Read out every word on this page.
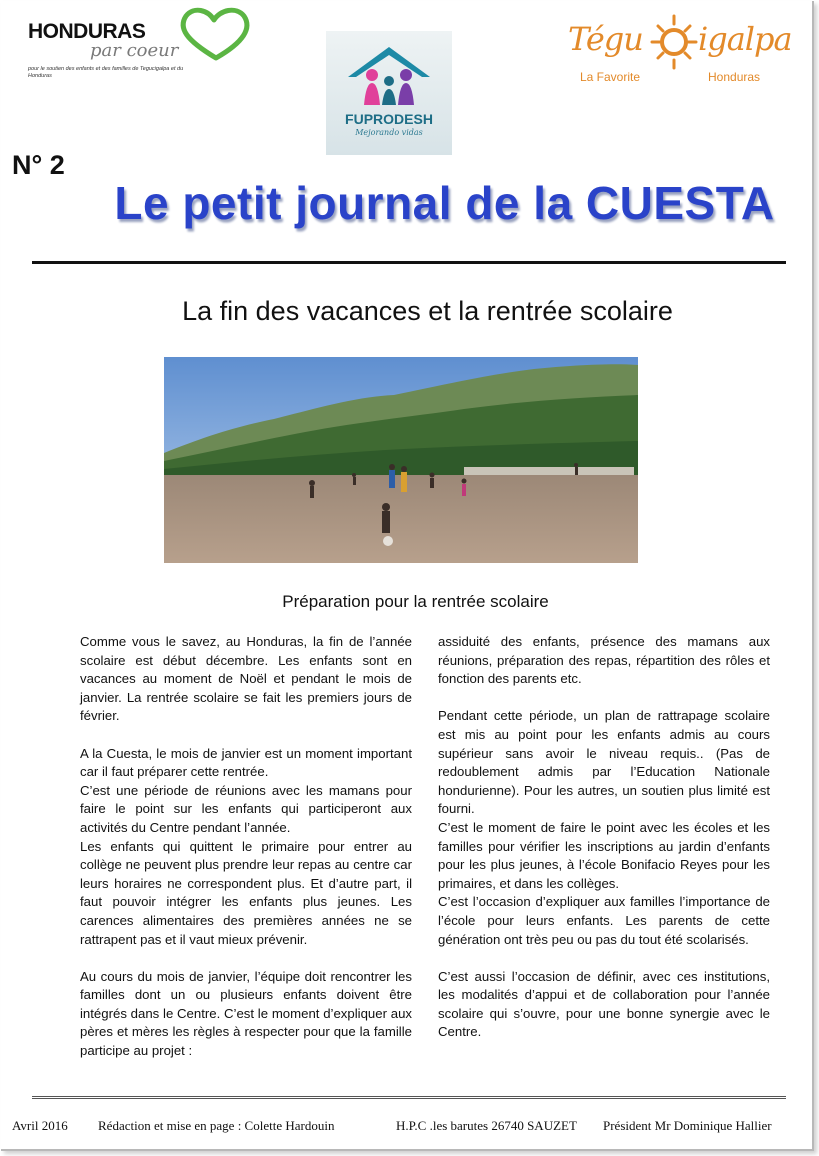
HONDURAS
par coeur
pour le soutien des enfants et des familles de Tegucigalpa et du Honduras
FUPRODESH
Mejorando vidas
Tégu igalpa
La Favorite	Honduras
N° 2
Le petit journal de la CUESTA
La fin des vacances et la rentrée scolaire
Préparation pour la rentrée scolaire

Comme vous le savez, au Honduras, la fin de l’année scolaire est début décembre. Les enfants sont en vacances au moment de Noël et pendant le mois de janvier. La rentrée scolaire se fait les premiers jours de février.

A la Cuesta, le mois de janvier est un moment important car il faut préparer cette rentrée.

C’est une période de réunions avec les mamans pour faire le point sur les enfants qui participeront aux activités du Centre pendant l’année.

Les enfants qui quittent le primaire pour entrer au collège ne peuvent plus prendre leur repas au centre car leurs horaires ne correspondent plus. Et d’autre part, il faut pouvoir intégrer les enfants plus jeunes. Les carences alimentaires des premières années ne se rattrapent pas et il vaut mieux prévenir.

Au cours du mois de janvier, l’équipe doit rencontrer les familles dont un ou plusieurs enfants doivent être intégrés dans le Centre. C’est le moment d’expliquer aux pères et mères les règles à respecter pour que la famille participe au projet :

assiduité des enfants, présence des mamans aux réunions, préparation des repas, répartition des rôles et fonction des parents etc.

Pendant cette période, un plan de rattrapage scolaire est mis au point pour les enfants admis au cours supérieur sans avoir le niveau requis.. (Pas de redoublement admis par l’Education Nationale hondurienne). Pour les autres, un soutien plus limité est fourni.

C’est le moment de faire le point avec les écoles et les familles pour vérifier les inscriptions au jardin d’enfants pour les plus jeunes, à l’école Bonifacio Reyes pour les primaires, et dans les collèges.

C’est l’occasion d’expliquer aux familles l’importance de l’école pour leurs enfants. Les parents de cette génération ont très peu ou pas du tout été scolarisés.

C’est aussi l’occasion de définir, avec ces institutions, les modalités d’appui et de collaboration pour l’année scolaire qui s’ouvre, pour une bonne synergie avec le Centre.

Avril 2016 Rédaction et mise en page : Colette Hardouin	H.P.C .les barutes 26740 SAUZET Président Mr Dominique Hallier
